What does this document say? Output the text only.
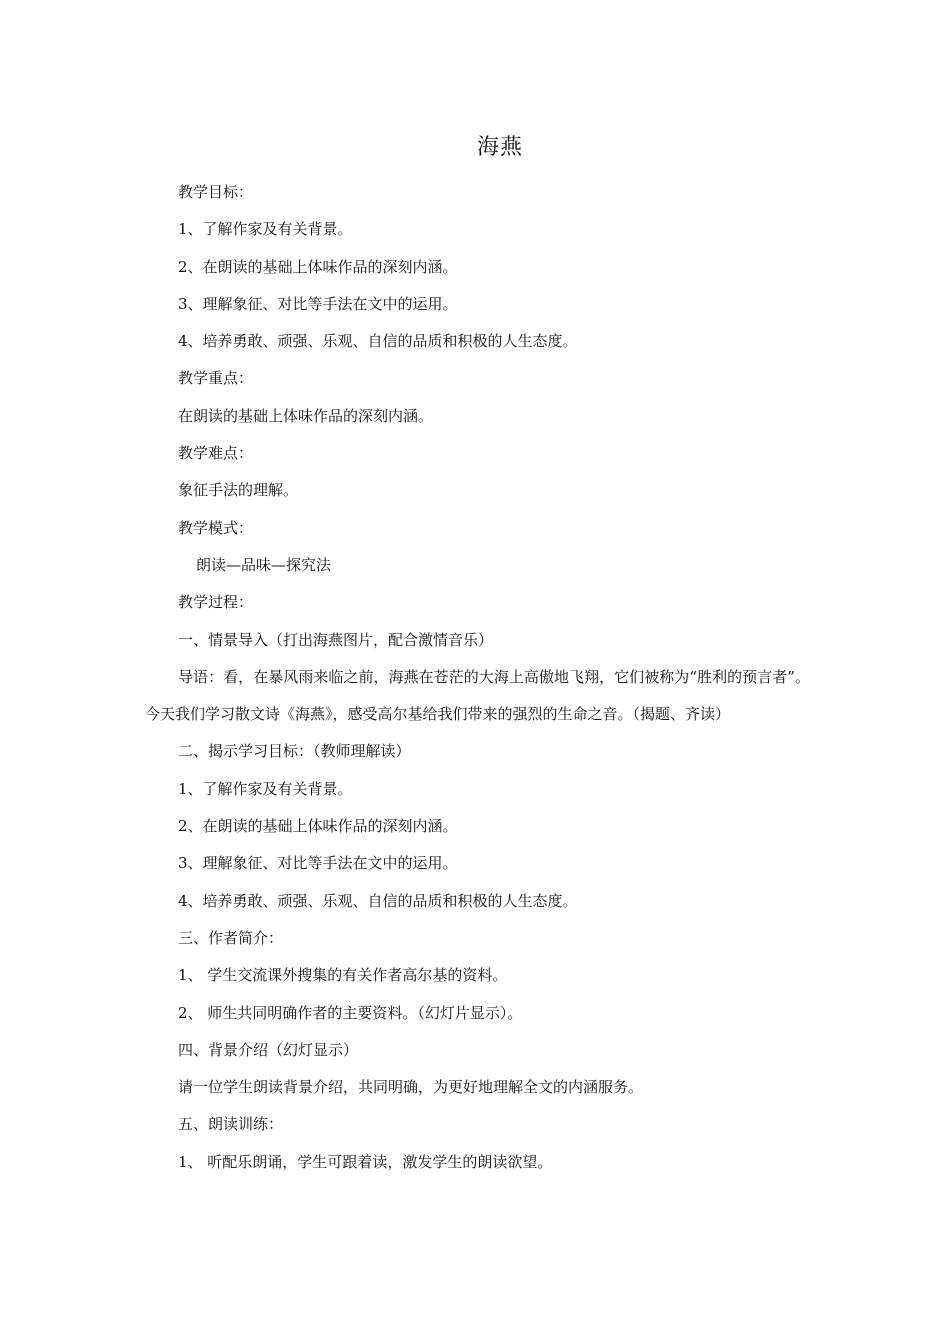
海燕

教学目标：

1、了解作家及有关背景。

2、在朗读的基础上体味作品的深刻内涵。

3、理解象征、对比等手法在文中的运用。

4、培养勇敢、顽强、乐观、自信的品质和积极的人生态度。

教学重点：

在朗读的基础上体味作品的深刻内涵。

教学难点：

象征手法的理解。

教学模式：

朗读—品味—探究法

教学过程：

一、情景导入（打出海燕图片，配合激情音乐）

导语：看，在暴风雨来临之前，海燕在苍茫的大海上高傲地飞翔，它们被称为“胜利的预言者”。今天我们学习散文诗《海燕》，感受高尔基给我们带来的强烈的生命之音。（揭题、齐读）

二、揭示学习目标：（教师理解读）

1、了解作家及有关背景。

2、在朗读的基础上体味作品的深刻内涵。

3、理解象征、对比等手法在文中的运用。

4、培养勇敢、顽强、乐观、自信的品质和积极的人生态度。

三、作者简介：

1、 学生交流课外搜集的有关作者高尔基的资料。

2、 师生共同明确作者的主要资料。（幻灯片显示）。

四、背景介绍（幻灯显示）

请一位学生朗读背景介绍，共同明确，为更好地理解全文的内涵服务。

五、朗读训练：

1、 听配乐朗诵，学生可跟着读，激发学生的朗读欲望。
